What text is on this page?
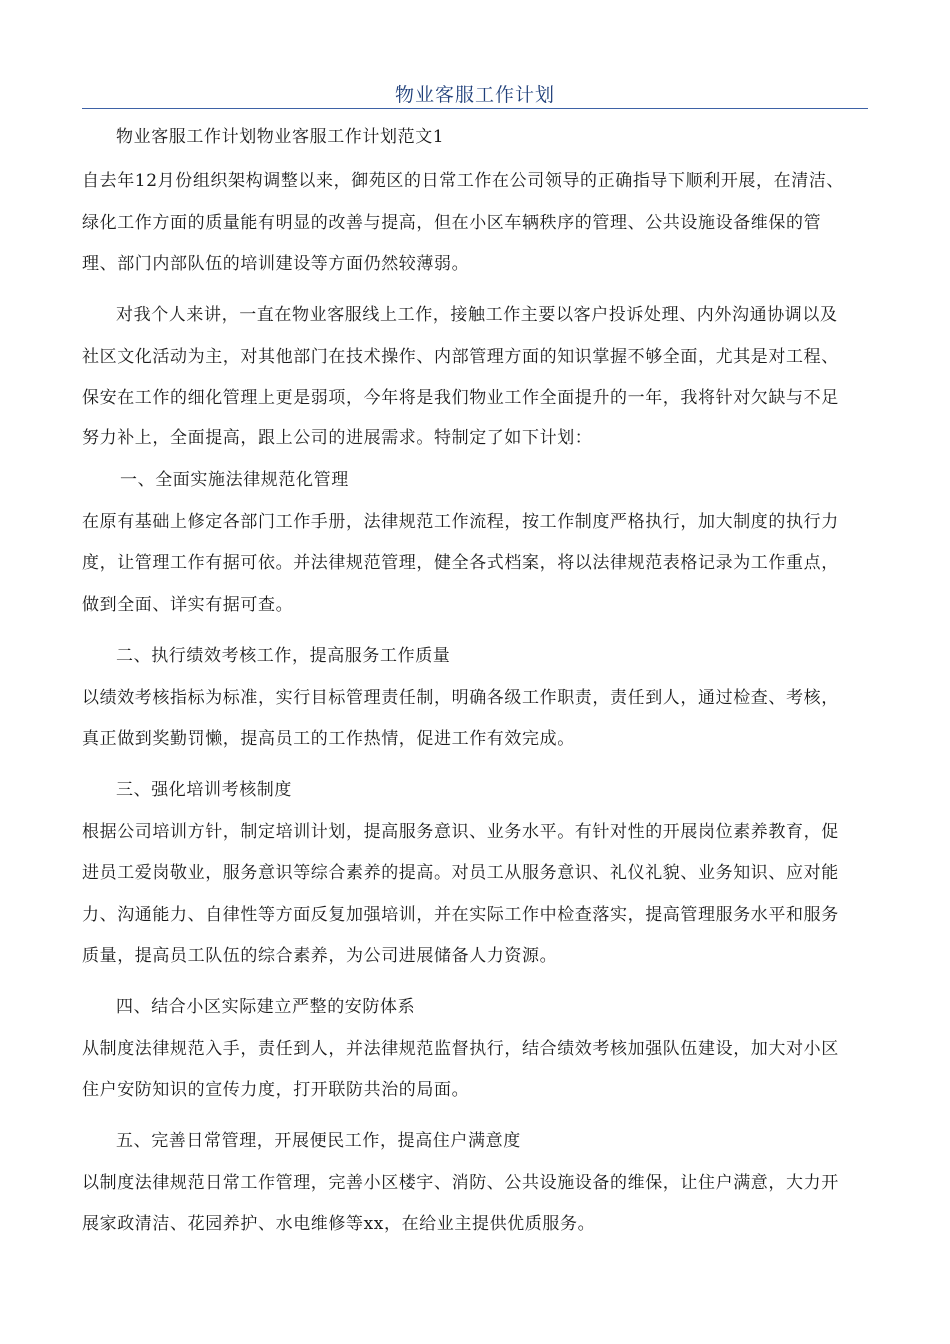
物业客服工作计划
物业客服工作计划物业客服工作计划范文1
自去年12月份组织架构调整以来，御苑区的日常工作在公司领导的正确指导下顺利开展，在清洁、
绿化工作方面的质量能有明显的改善与提高，但在小区车辆秩序的管理、公共设施设备维保的管
理、部门内部队伍的培训建设等方面仍然较薄弱。
对我个人来讲，一直在物业客服线上工作，接触工作主要以客户投诉处理、内外沟通协调以及
社区文化活动为主，对其他部门在技术操作、内部管理方面的知识掌握不够全面，尤其是对工程、
保安在工作的细化管理上更是弱项，今年将是我们物业工作全面提升的一年，我将针对欠缺与不足
努力补上，全面提高，跟上公司的进展需求。特制定了如下计划：
一、全面实施法律规范化管理
在原有基础上修定各部门工作手册，法律规范工作流程，按工作制度严格执行，加大制度的执行力
度，让管理工作有据可依。并法律规范管理，健全各式档案，将以法律规范表格记录为工作重点，
做到全面、详实有据可查。
二、执行绩效考核工作，提高服务工作质量
以绩效考核指标为标准，实行目标管理责任制，明确各级工作职责，责任到人，通过检查、考核，
真正做到奖勤罚懒，提高员工的工作热情，促进工作有效完成。
三、强化培训考核制度
根据公司培训方针，制定培训计划，提高服务意识、业务水平。有针对性的开展岗位素养教育，促
进员工爱岗敬业，服务意识等综合素养的提高。对员工从服务意识、礼仪礼貌、业务知识、应对能
力、沟通能力、自律性等方面反复加强培训，并在实际工作中检查落实，提高管理服务水平和服务
质量，提高员工队伍的综合素养，为公司进展储备人力资源。
四、结合小区实际建立严整的安防体系
从制度法律规范入手，责任到人，并法律规范监督执行，结合绩效考核加强队伍建设，加大对小区
住户安防知识的宣传力度，打开联防共治的局面。
五、完善日常管理，开展便民工作，提高住户满意度
以制度法律规范日常工作管理，完善小区楼宇、消防、公共设施设备的维保，让住户满意，大力开
展家政清洁、花园养护、水电维修等xx，在给业主提供优质服务。
